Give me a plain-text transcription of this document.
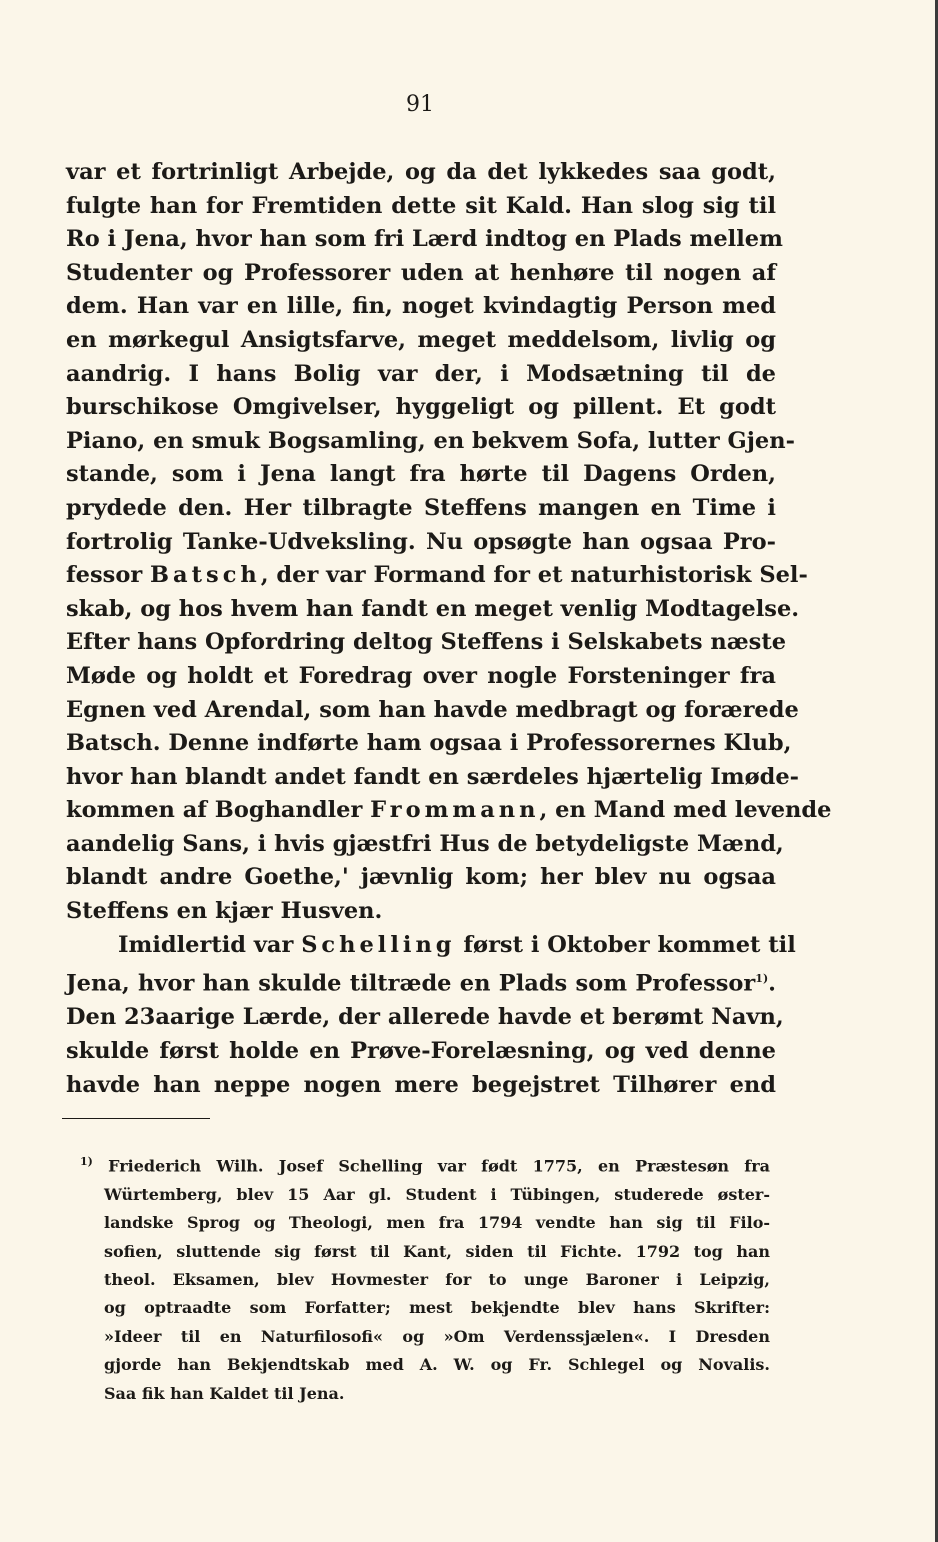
91
var et fortrinligt Arbejde, og da det lykkedes saa godt,
fulgte han for Fremtiden dette sit Kald. Han slog sig til
Ro i Jena, hvor han som fri Lærd indtog en Plads mellem
Studenter og Professorer uden at henhøre til nogen af
dem. Han var en lille, fin, noget kvindagtig Person med
en mørkegul Ansigtsfarve, meget meddelsom, livlig og
aandrig. I hans Bolig var der, i Modsætning til de
burschikose Omgivelser, hyggeligt og pillent. Et godt
Piano, en smuk Bogsamling, en bekvem Sofa, lutter Gjen-
stande, som i Jena langt fra hørte til Dagens Orden,
prydede den. Her tilbragte Steffens mangen en Time i
fortrolig Tanke-Udveksling. Nu opsøgte han ogsaa Pro-
fessor Batsch, der var Formand for et naturhistorisk Sel-
skab, og hos hvem han fandt en meget venlig Modtagelse.
Efter hans Opfordring deltog Steffens i Selskabets næste
Møde og holdt et Foredrag over nogle Forsteninger fra
Egnen ved Arendal, som han havde medbragt og forærede
Batsch. Denne indførte ham ogsaa i Professorernes Klub,
hvor han blandt andet fandt en særdeles hjærtelig Imøde-
kommen af Boghandler Frommann, en Mand med levende
aandelig Sans, i hvis gjæstfri Hus de betydeligste Mænd,
blandt andre Goethe,' jævnlig kom; her blev nu ogsaa
Steffens en kjær Husven.
Imidlertid var Schelling først i Oktober kommet til
Jena, hvor han skulde tiltræde en Plads som Professor$^{1)}$.
Den 23aarige Lærde, der allerede havde et berømt Navn,
skulde først holde en Prøve-Forelæsning, og ved denne
havde han neppe nogen mere begejstret Tilhører end
$^{1)}$ Friederich Wilh. Josef Schelling var født 1775, en Præstesøn fra
Würtemberg, blev 15 Aar gl. Student i Tübingen, studerede øster-
landske Sprog og Theologi, men fra 1794 vendte han sig til Filo-
sofien, sluttende sig først til Kant, siden til Fichte. 1792 tog han
theol. Eksamen, blev Hovmester for to unge Baroner i Leipzig,
og optraadte som Forfatter; mest bekjendte blev hans Skrifter:
»Ideer til en Naturfilosofi« og »Om Verdenssjælen«. I Dresden
gjorde han Bekjendtskab med A. W. og Fr. Schlegel og Novalis.
Saa fik han Kaldet til Jena.
